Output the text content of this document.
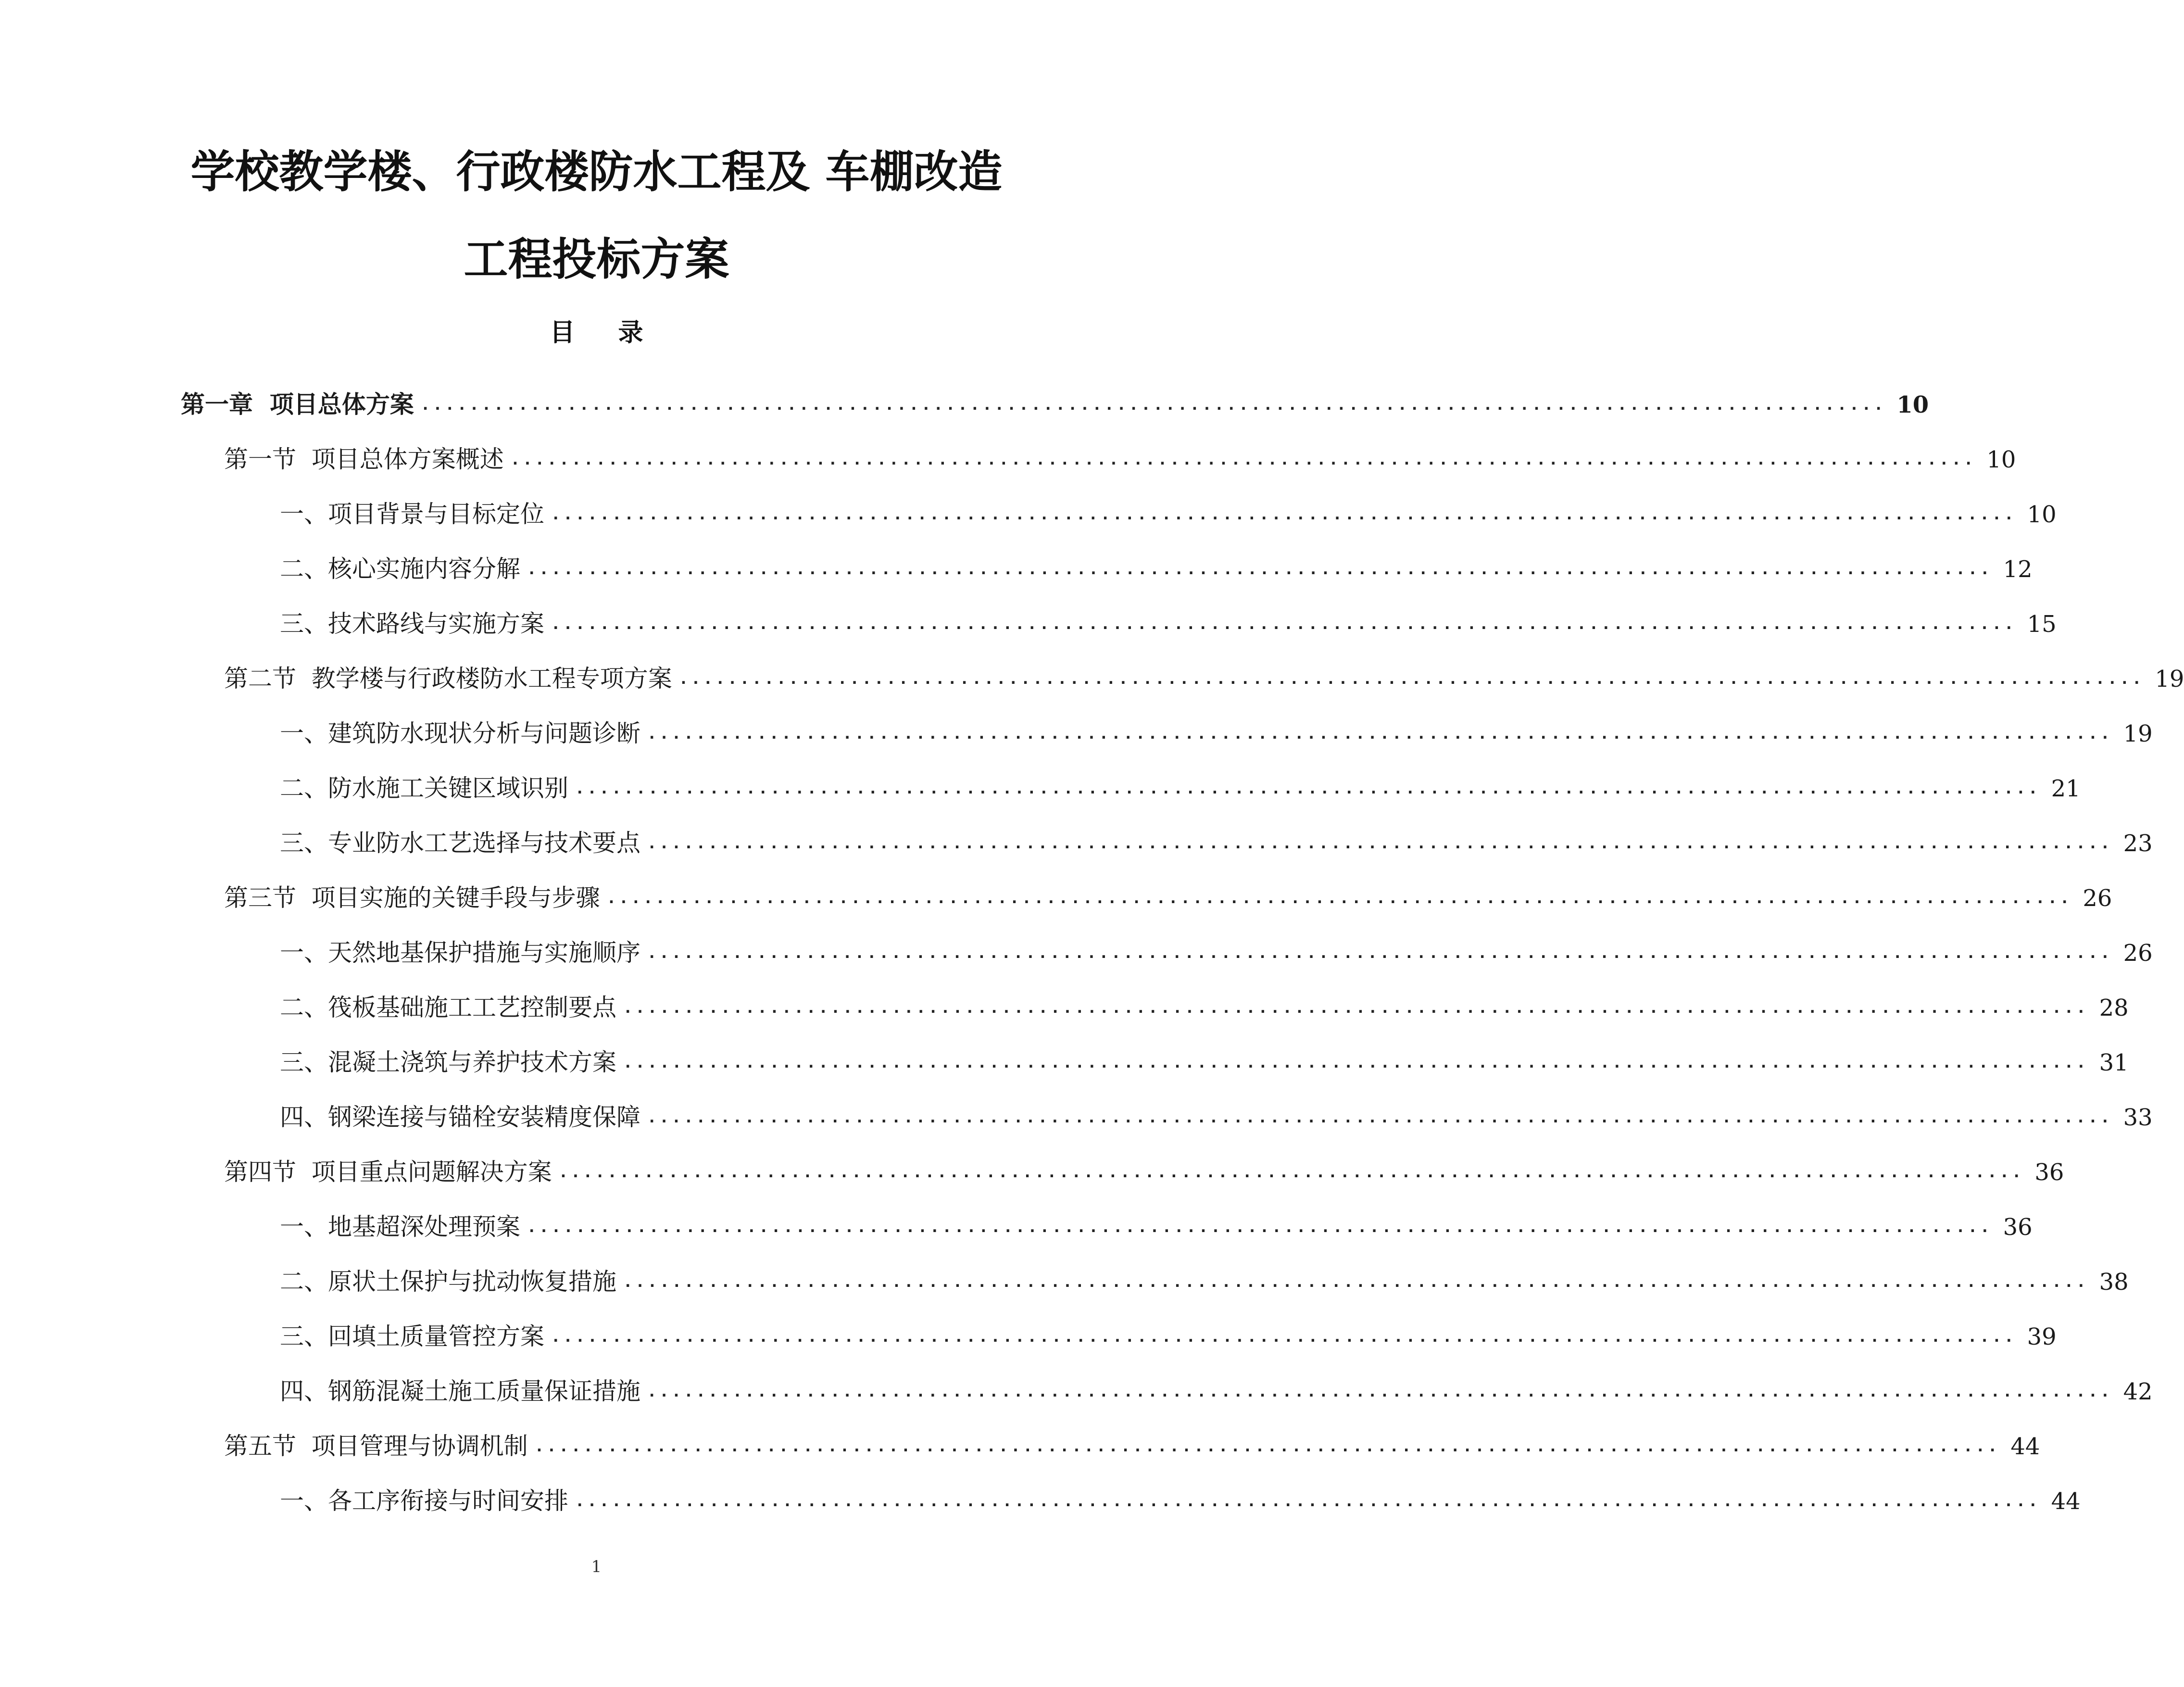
学校教学楼、行政楼防水工程及 车棚改造
工程投标方案
目 录
第一章  项目总体方案 ........................................................................................................................ 10
第一节  项目总体方案概述 ........................................................................................................................ 10
一、项目背景与目标定位 ........................................................................................................................ 10
二、核心实施内容分解 ........................................................................................................................ 12
三、技术路线与实施方案 ........................................................................................................................ 15
第二节  教学楼与行政楼防水工程专项方案 ........................................................................................................................ 19
一、建筑防水现状分析与问题诊断 ........................................................................................................................ 19
二、防水施工关键区域识别 ........................................................................................................................ 21
三、专业防水工艺选择与技术要点 ........................................................................................................................ 23
第三节  项目实施的关键手段与步骤 ........................................................................................................................ 26
一、天然地基保护措施与实施顺序 ........................................................................................................................ 26
二、筏板基础施工工艺控制要点 ........................................................................................................................ 28
三、混凝土浇筑与养护技术方案 ........................................................................................................................ 31
四、钢梁连接与锚栓安装精度保障 ........................................................................................................................ 33
第四节  项目重点问题解决方案 ........................................................................................................................ 36
一、地基超深处理预案 ........................................................................................................................ 36
二、原状土保护与扰动恢复措施 ........................................................................................................................ 38
三、回填土质量管控方案 ........................................................................................................................ 39
四、钢筋混凝土施工质量保证措施 ........................................................................................................................ 42
第五节  项目管理与协调机制 ........................................................................................................................ 44
一、各工序衔接与时间安排 ........................................................................................................................ 44
1
